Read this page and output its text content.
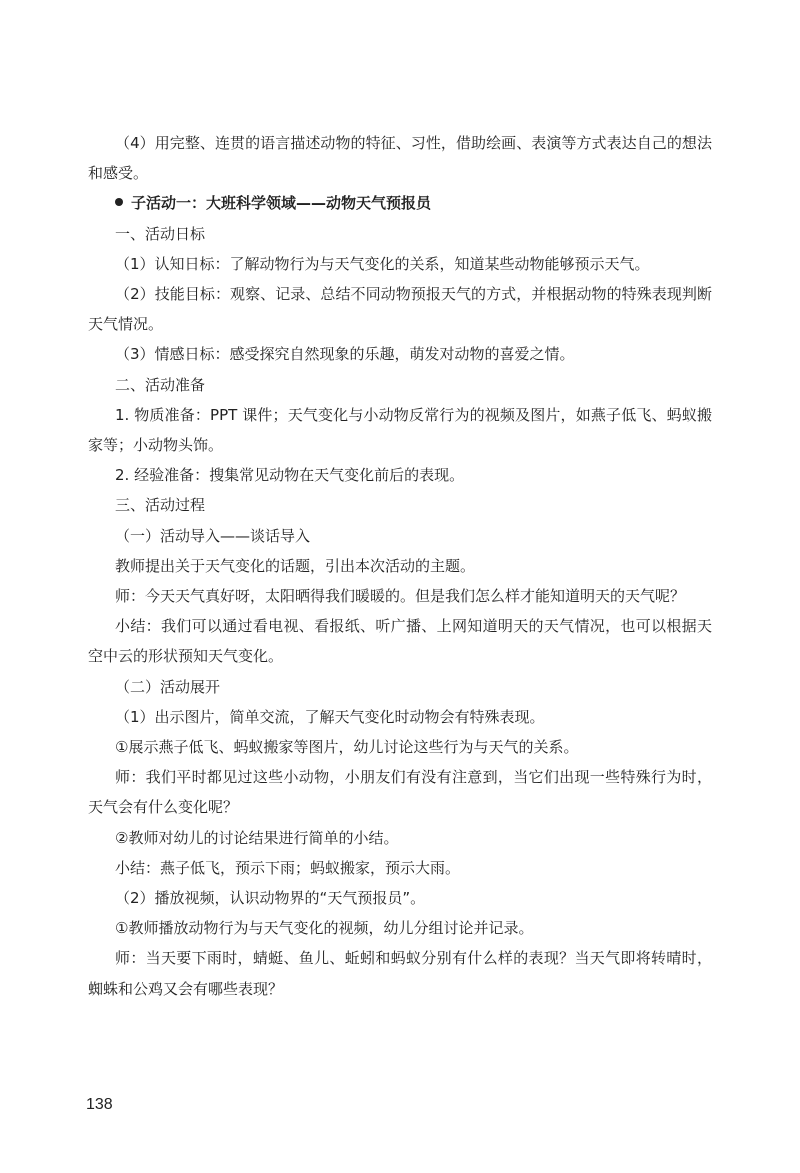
（4）用完整、连贯的语言描述动物的特征、习性，借助绘画、表演等方式表达自己的想法和感受。

子活动一：大班科学领域——动物天气预报员

一、活动日标

（1）认知日标：了解动物行为与天气变化的关系，知道某些动物能够预示天气。

（2）技能目标：观察、记录、总结不同动物预报天气的方式，并根据动物的特殊表现判断天气情况。

（3）情感日标：感受探究自然现象的乐趣，萌发对动物的喜爱之情。

二、活动准备

1. 物质准备：PPT 课件；天气变化与小动物反常行为的视频及图片，如燕子低飞、蚂蚁搬家等；小动物头饰。

2. 经验准备：搜集常见动物在天气变化前后的表现。

三、活动过程

（一）活动导入——谈话导入

教师提出关于天气变化的话题，引出本次活动的主题。

师：今天天气真好呀，太阳晒得我们暖暖的。但是我们怎么样才能知道明天的天气呢？

小结：我们可以通过看电视、看报纸、听广播、上网知道明天的天气情况，也可以根据天空中云的形状预知天气变化。

（二）活动展开

（1）出示图片，简单交流，了解天气变化时动物会有特殊表现。

①展示燕子低飞、蚂蚁搬家等图片，幼儿讨论这些行为与天气的关系。

师：我们平时都见过这些小动物，小朋友们有没有注意到，当它们出现一些特殊行为时，天气会有什么变化呢？

②教师对幼儿的讨论结果进行简单的小结。

小结：燕子低飞，预示下雨；蚂蚁搬家，预示大雨。

（2）播放视频，认识动物界的“天气预报员”。

①教师播放动物行为与天气变化的视频，幼儿分组讨论并记录。

师：当天要下雨时，蜻蜓、鱼儿、蚯蚓和蚂蚁分别有什么样的表现？当天气即将转晴时，蜘蛛和公鸡又会有哪些表现？

138
